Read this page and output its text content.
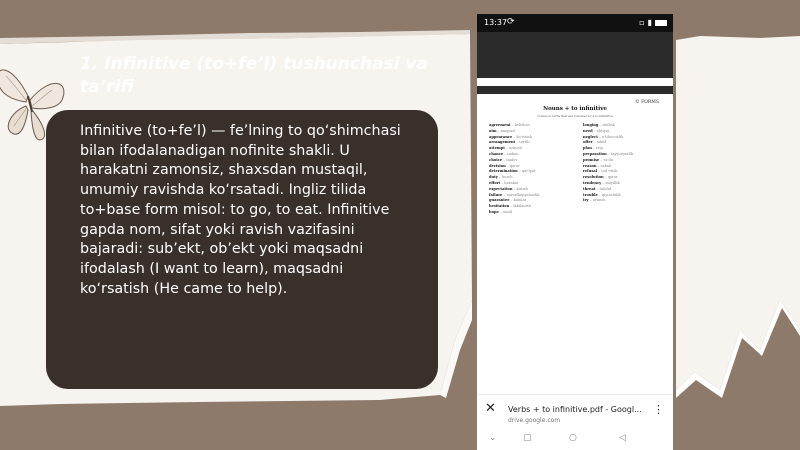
1. Infinitive (to+fe’l) tushunchasi va ta’rifi

Infinitive (to+fe’l) — fe’lning to qo‘shimchasi bilan ifodalanadigan nofinite shakli. U harakatni zamonsiz, shaxsdan mustaqil, umumiy ravishda ko‘rsatadi. Ingliz tilida to+base form misol: to go, to eat. Infinitive gapda nom, sifat yoki ravish vazifasini bajaradi: sub’ekt, ob’ekt yoki maqsadni ifodalash (I want to learn), maqsadni ko‘rsatish (He came to help).

13:37 ⟳	▫ ▮
© FORMS
Nouns + to infinitive
Common verbs that are followed by a to-infinitive
agreement – kelishuv
aim – maqsad
appearance – ko'rinish
arrangement – tartib
attempt – urinish
chance – imkon
choice – tanlov
decision – qaror
determination – qat'iyat
duty – burch
effort – harakat
expectation – kutish
failure – muvaffaqiyatsizlik
guarantee – kafolat
hesitation – ikkilanish
hope – umid
longing – intilish
need – ehtiyoj
neglect – e'tiborsizlik
offer – taklif
plan – reja
preparation – tayyorgarlik
promise – va'da
reason – sabab
refusal – rad etish
resolution – qaror
tendency – moyillik
threat – tahdid
trouble – qiyinchilik
try – urinish
✕ Verbs + to infinitive.pdf - Googl...
drive.google.com
⋮
⌄	▢	○	◁
